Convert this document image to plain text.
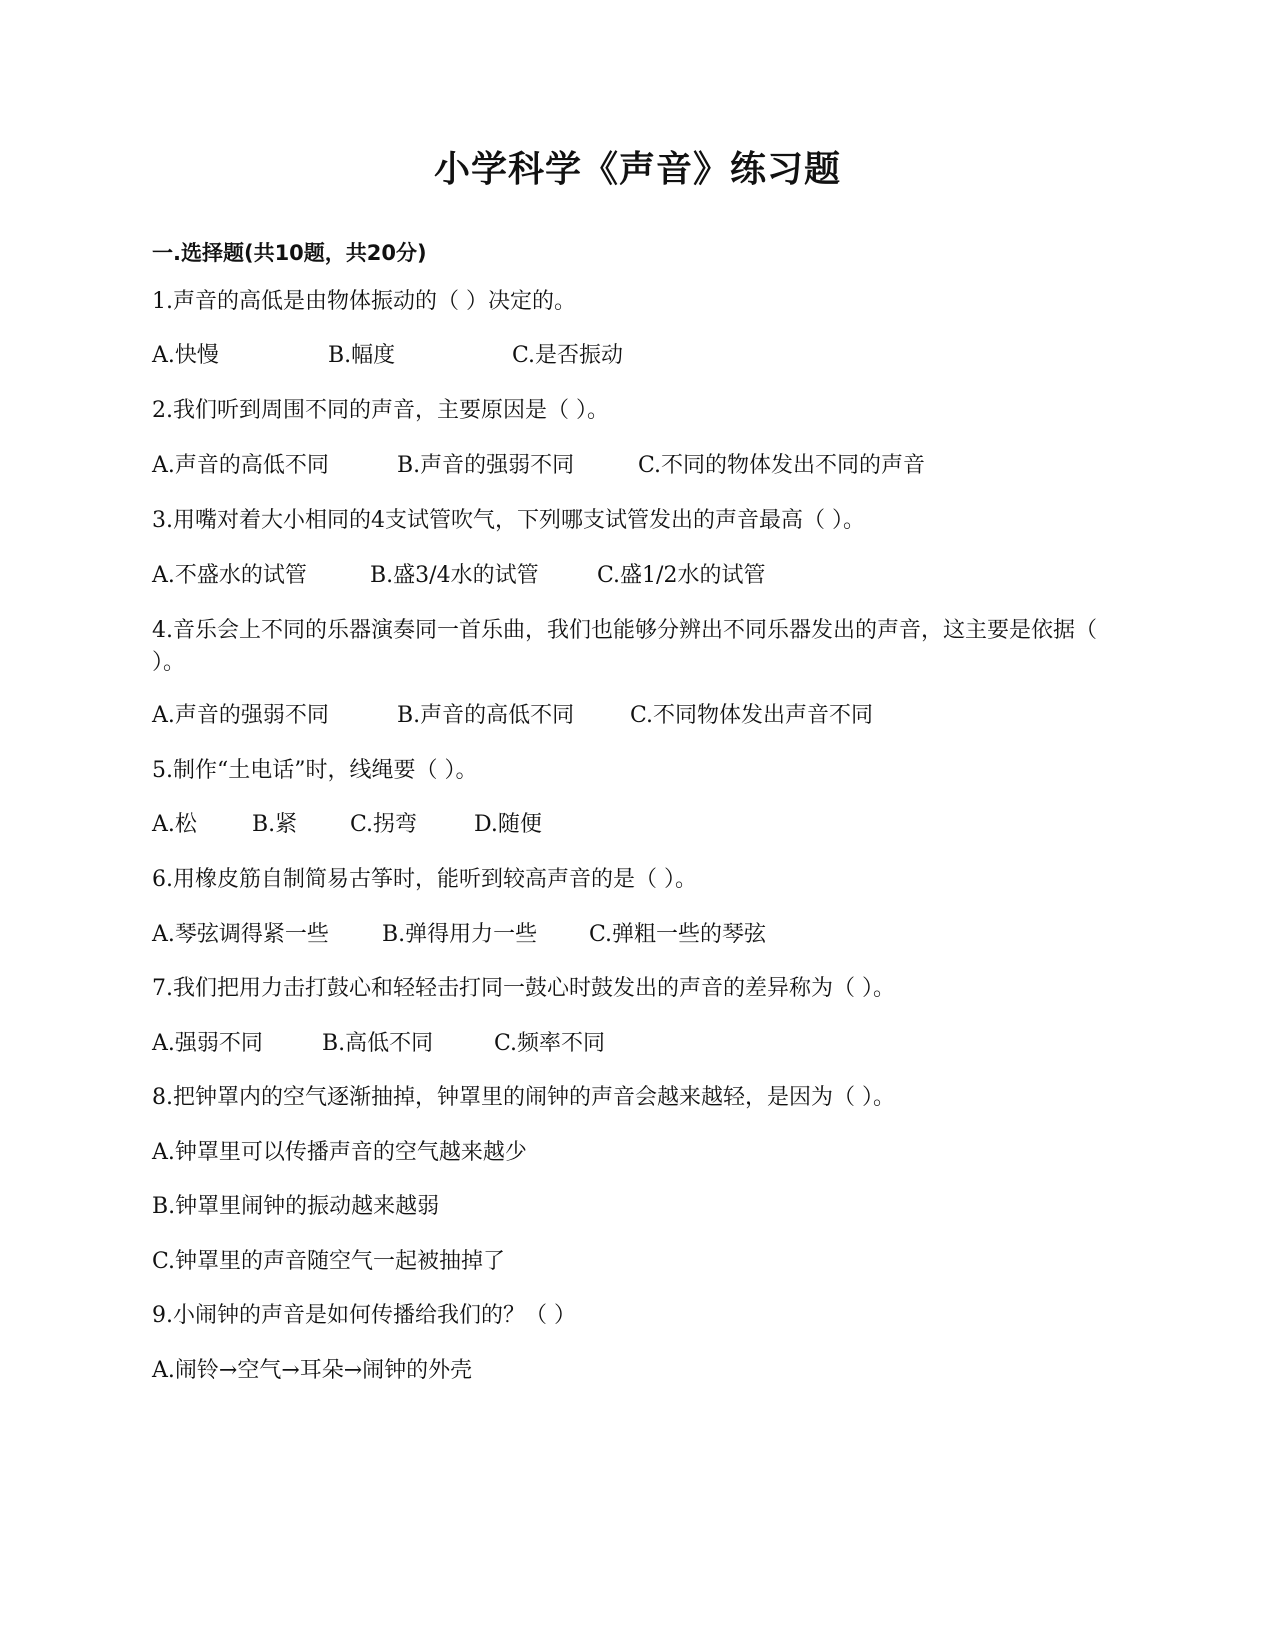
小学科学《声音》练习题
一.选择题(共10题，共20分)
1.声音的高低是由物体振动的（ ）决定的。
A.快慢	B.幅度	C.是否振动
2.我们听到周围不同的声音，主要原因是（ ）。
A.声音的高低不同	B.声音的强弱不同	C.不同的物体发出不同的声音
3.用嘴对着大小相同的4支试管吹气，下列哪支试管发出的声音最高（ ）。
A.不盛水的试管	B.盛3/4水的试管	C.盛1/2水的试管
4.音乐会上不同的乐器演奏同一首乐曲，我们也能够分辨出不同乐器发出的声音，这主要是依据（ ）。
A.声音的强弱不同	B.声音的高低不同	C.不同物体发出声音不同
5.制作“土电话”时，线绳要（ ）。
A.松	B.紧 C.拐弯	D.随便
6.用橡皮筋自制简易古筝时，能听到较高声音的是（ ）。
A.琴弦调得紧一些 B.弹得用力一些 C.弹粗一些的琴弦
7.我们把用力击打鼓心和轻轻击打同一鼓心时鼓发出的声音的差异称为（ ）。
A.强弱不同	B.高低不同	C.频率不同
8.把钟罩内的空气逐渐抽掉，钟罩里的闹钟的声音会越来越轻，是因为（ ）。
A.钟罩里可以传播声音的空气越来越少
B.钟罩里闹钟的振动越来越弱
C.钟罩里的声音随空气一起被抽掉了
9.小闹钟的声音是如何传播给我们的？（ ）
A.闹铃→空气→耳朵→闹钟的外壳
